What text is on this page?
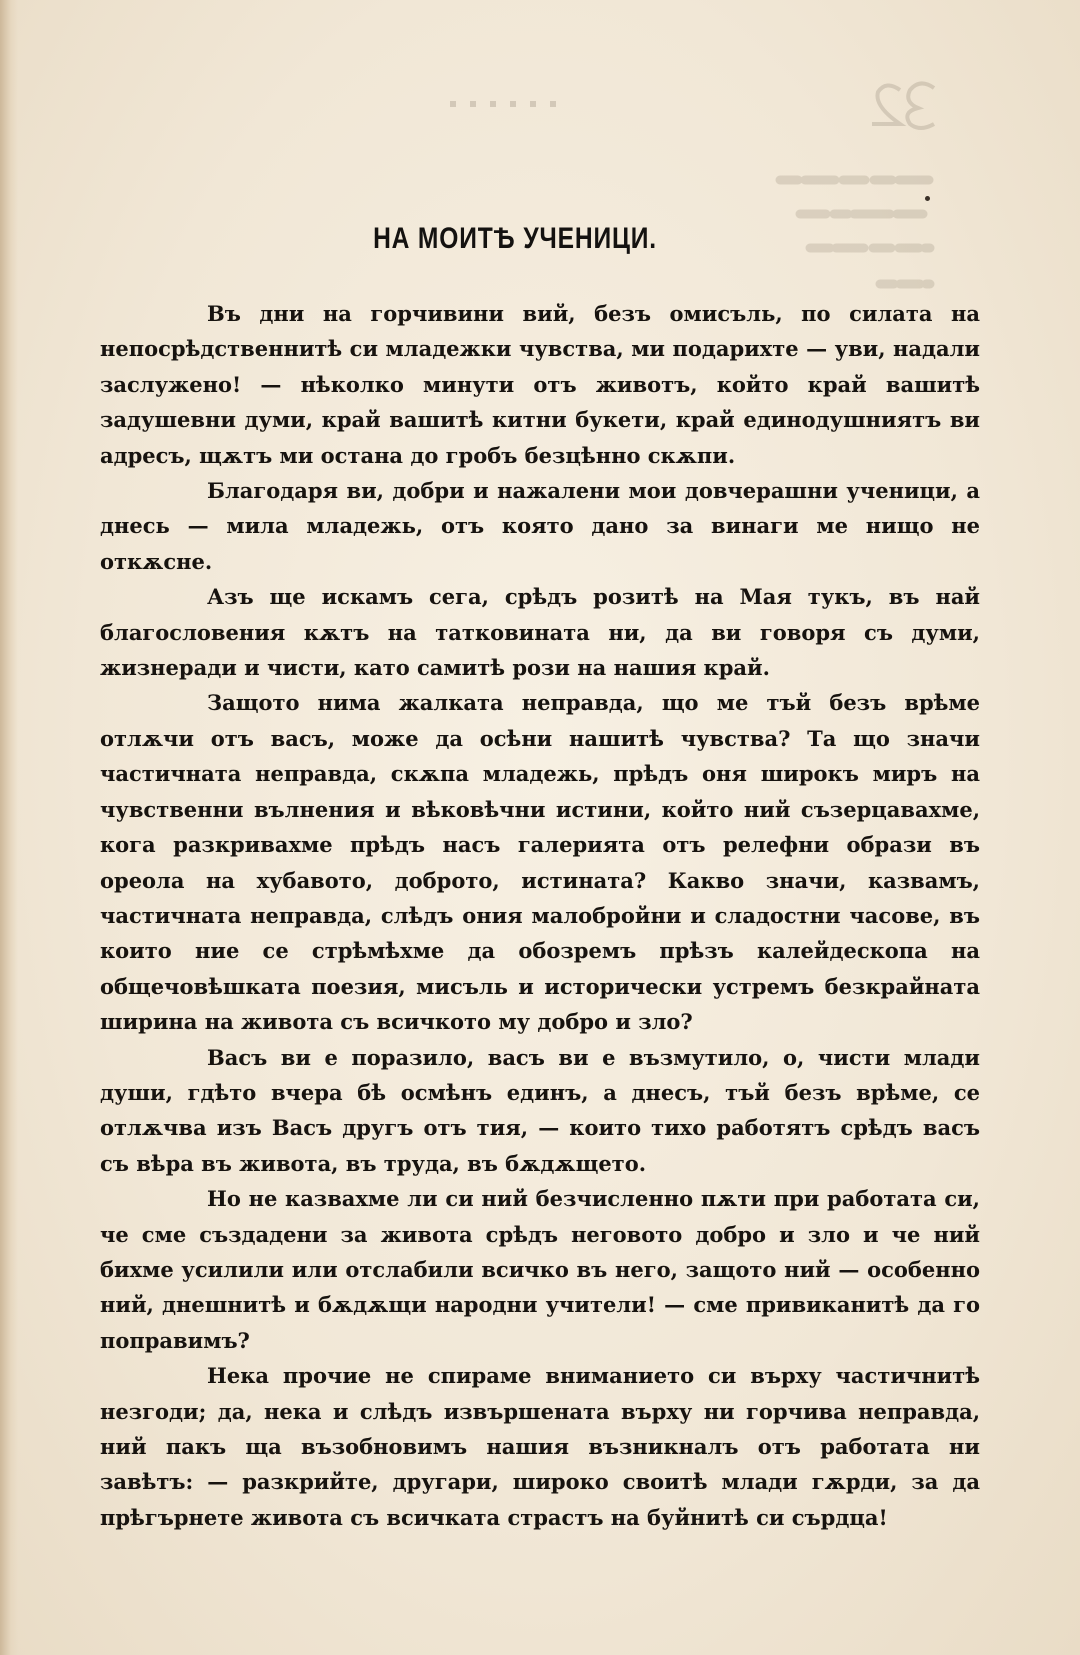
НА МОИТѢ УЧЕНИЦИ.

Въ дни на горчивини вий, безъ омисъль, по силата на непосрѣдственнитѣ си младежки чувства, ми подарихте — уви, надали заслужено! — нѣколко минути отъ животъ, който край вашитѣ задушевни думи, край вашитѣ китни букети, край единодушниятъ ви адресъ, щѫтъ ми остана до гробъ безцѣнно скѫпи.

Благодаря ви, добри и нажалени мои довчерашни ученици, а днесь — мила младежь, отъ която дано за винаги ме нищо не откѫсне.

Азъ ще искамъ сега, срѣдъ розитѣ на Мая тукъ, въ най благословения кѫтъ на татковината ни, да ви говоря съ думи, жизнеради и чисти, като самитѣ рози на нашия край.

Защото нима жалката неправда, що ме тъй безъ врѣме отлѫчи отъ васъ, може да осѣни нашитѣ чувства? Та що значи частичната неправда, скѫпа младежь, прѣдъ оня широкъ миръ на чувственни вълнения и вѣковѣчни истини, който ний съзерцавахме, кога разкривахме прѣдъ насъ галерията отъ релефни образи въ ореола на хубавото, доброто, истината? Какво значи, казвамъ, частичната неправда, слѣдъ ония малобройни и сладостни часове, въ които ние се стрѣмѣхме да обозремъ прѣзъ калейдескопа на общечовѣшката поезия, мисъль и исторически устремъ безкрайната ширина на живота съ всичкото му добро и зло?

Васъ ви е поразило, васъ ви е възмутило, о, чисти млади души, гдѣто вчера бѣ осмѣнъ единъ, а днесъ, тъй безъ врѣме, се отлѫчва изъ Васъ другъ отъ тия, — които тихо работятъ срѣдъ васъ съ вѣра въ живота, въ труда, въ бѫдѫщето.

Но не казвахме ли си ний безчисленно пѫти при работата си, че сме създадени за живота срѣдъ неговото добро и зло и че ний бихме усилили или отслабили всичко въ него, защото ний — особенно ний, днешнитѣ и бѫдѫщи народни учители! — сме привиканитѣ да го поправимъ?

Нека прочие не спираме вниманието си върху частичнитѣ незгоди; да, нека и слѣдъ извършената върху ни горчива неправда, ний пакъ ща възобновимъ нашия възникналъ отъ работата ни завѣтъ: — разкрийте, другари, широко своитѣ млади гѫрди, за да прѣгърнете живота съ всичката страстъ на буйнитѣ си сърдца!
